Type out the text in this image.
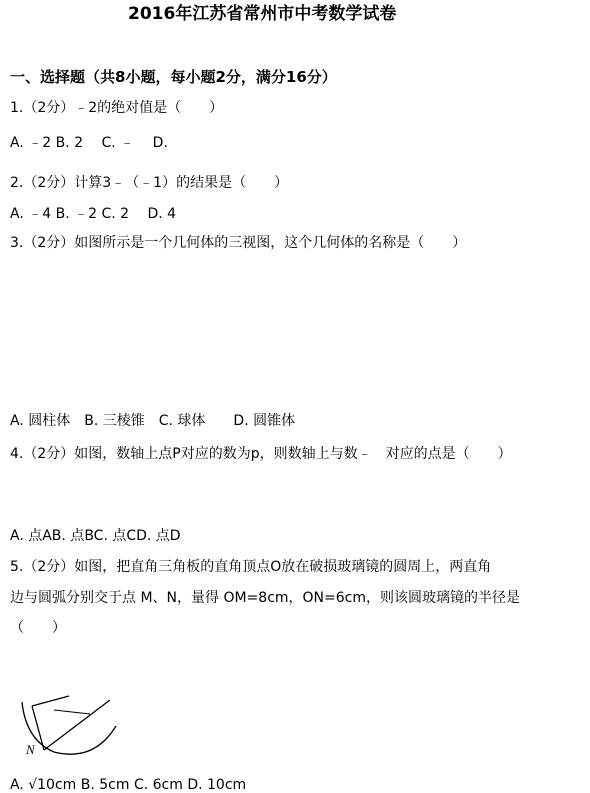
2016年江苏省常州市中考数学试卷
一、选择题（共8小题，每小题2分，满分16分）
1.（2分）﹣2的绝对值是（　　）
A. ﹣2 B. 2　 C. ﹣　 D.
2.（2分）计算3﹣（﹣1）的结果是（　　）
A. ﹣4 B. ﹣2 C. 2　 D. 4
3.（2分）如图所示是一个几何体的三视图，这个几何体的名称是（　　）
A. 圆柱体　B. 三棱锥　C. 球体　　D. 圆锥体
4.（2分）如图，数轴上点P对应的数为p，则数轴上与数﹣　对应的点是（　　）
A. 点AB. 点BC. 点CD. 点D
5.（2分）如图，把直角三角板的直角顶点O放在破损玻璃镜的圆周上，两直角
边与圆弧分别交于点 M、N，量得 OM=8cm，ON=6cm，则该圆玻璃镜的半径是
（　　）
N
A. √10cm B. 5cm C. 6cm D. 10cm
